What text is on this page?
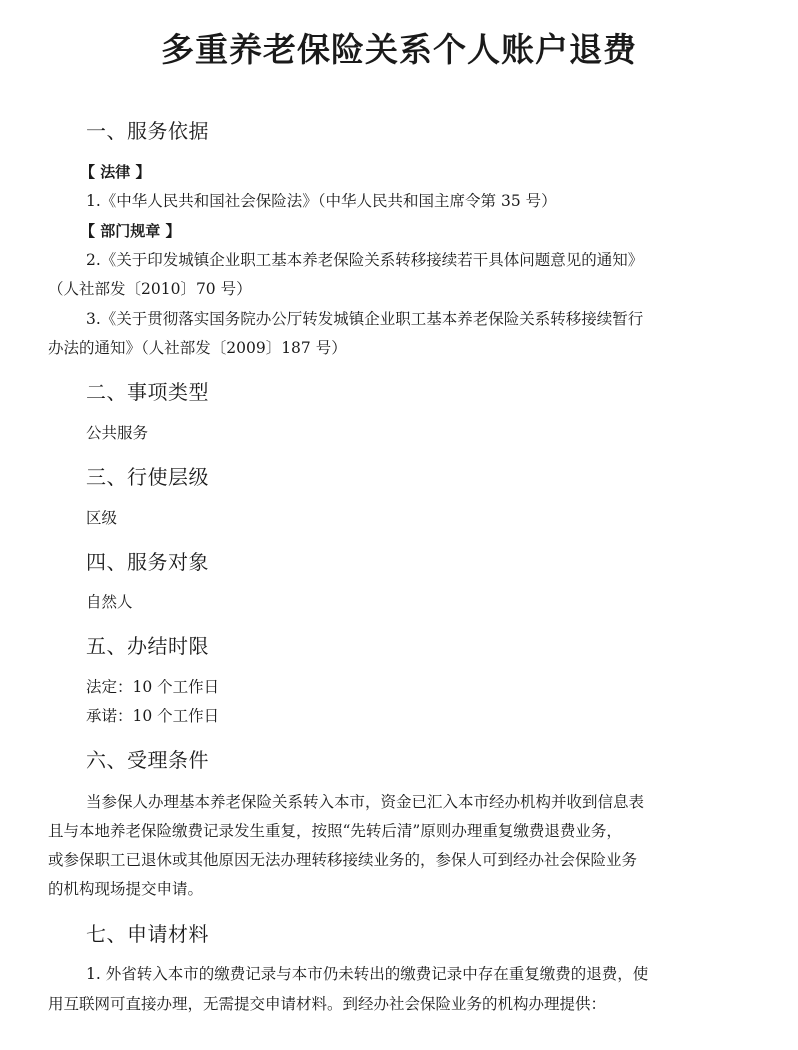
多重养老保险关系个人账户退费
一、服务依据
【 法律 】
1.《中华人民共和国社会保险法》（中华人民共和国主席令第 35 号）
【 部门规章 】
2.《关于印发城镇企业职工基本养老保险关系转移接续若干具体问题意见的通知》
（人社部发〔2010〕70 号）
3.《关于贯彻落实国务院办公厅转发城镇企业职工基本养老保险关系转移接续暂行
办法的通知》（人社部发〔2009〕187 号）
二、事项类型
公共服务
三、行使层级
区级
四、服务对象
自然人
五、办结时限
法定：10 个工作日
承诺：10 个工作日
六、受理条件
当参保人办理基本养老保险关系转入本市，资金已汇入本市经办机构并收到信息表
且与本地养老保险缴费记录发生重复，按照“先转后清”原则办理重复缴费退费业务，
或参保职工已退休或其他原因无法办理转移接续业务的，参保人可到经办社会保险业务
的机构现场提交申请。
七、申请材料
1. 外省转入本市的缴费记录与本市仍未转出的缴费记录中存在重复缴费的退费，使
用互联网可直接办理，无需提交申请材料。到经办社会保险业务的机构办理提供：
